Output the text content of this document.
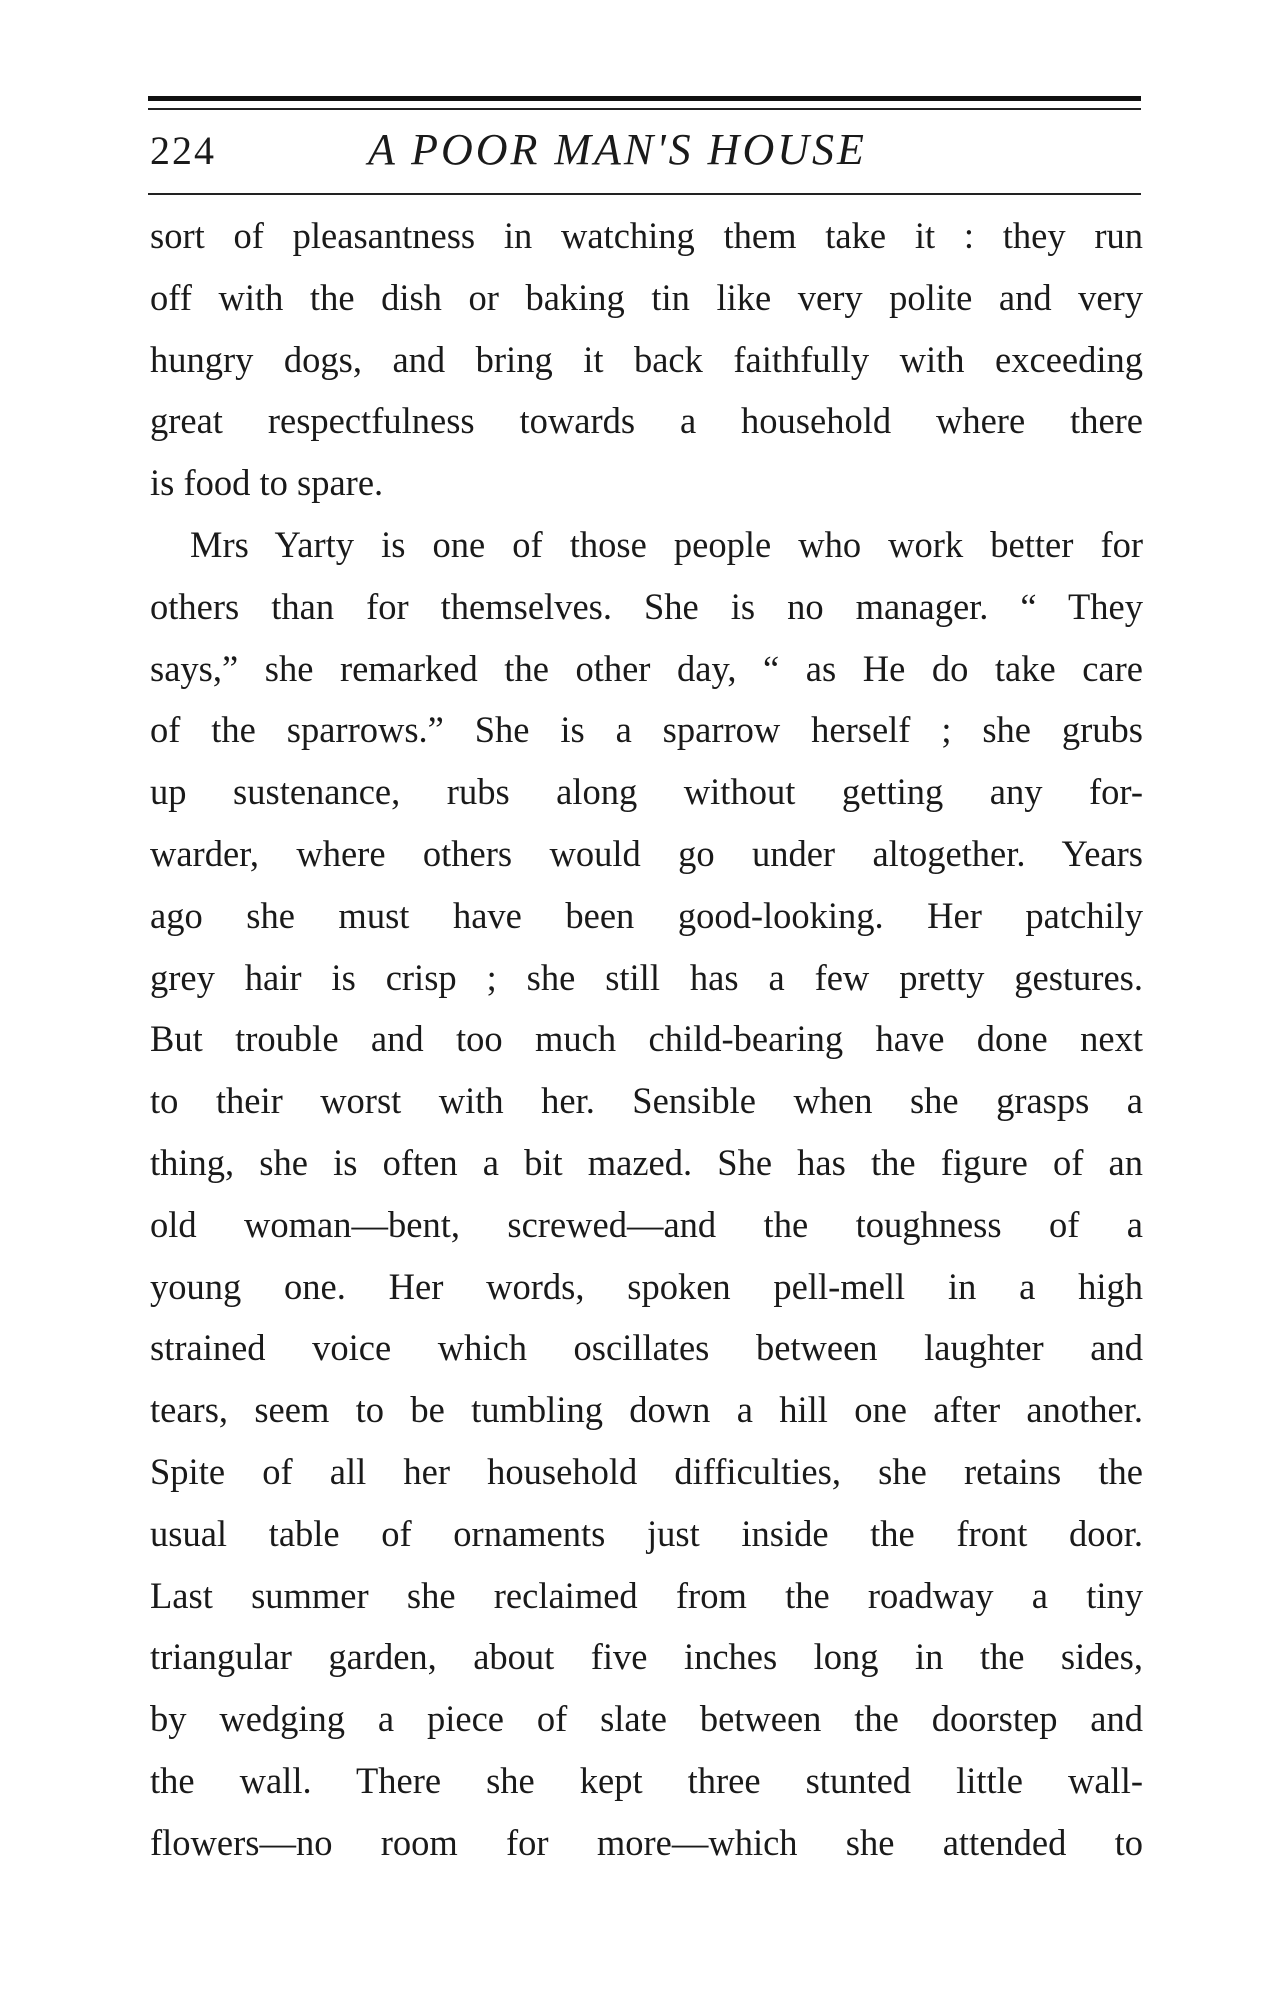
224	A POOR MAN'S HOUSE
sort of pleasantness in watching them take it : they run
off with the dish or baking tin like very polite and very
hungry dogs, and bring it back faithfully with exceeding
great respectfulness towards a household where there
is food to spare.
Mrs Yarty is one of those people who work better for
others than for themselves. She is no manager. “ They
says,” she remarked the other day, “ as He do take care
of the sparrows.” She is a sparrow herself ; she grubs
up sustenance, rubs along without getting any for-
warder, where others would go under altogether. Years
ago she must have been good-looking. Her patchily
grey hair is crisp ; she still has a few pretty gestures.
But trouble and too much child-bearing have done next
to their worst with her. Sensible when she grasps a
thing, she is often a bit mazed. She has the figure of an
old woman—bent, screwed—and the toughness of a
young one. Her words, spoken pell-mell in a high
strained voice which oscillates between laughter and
tears, seem to be tumbling down a hill one after another.
Spite of all her household difficulties, she retains the
usual table of ornaments just inside the front door.
Last summer she reclaimed from the roadway a tiny
triangular garden, about five inches long in the sides,
by wedging a piece of slate between the doorstep and
the wall. There she kept three stunted little wall-
flowers—no room for more—which she attended to
